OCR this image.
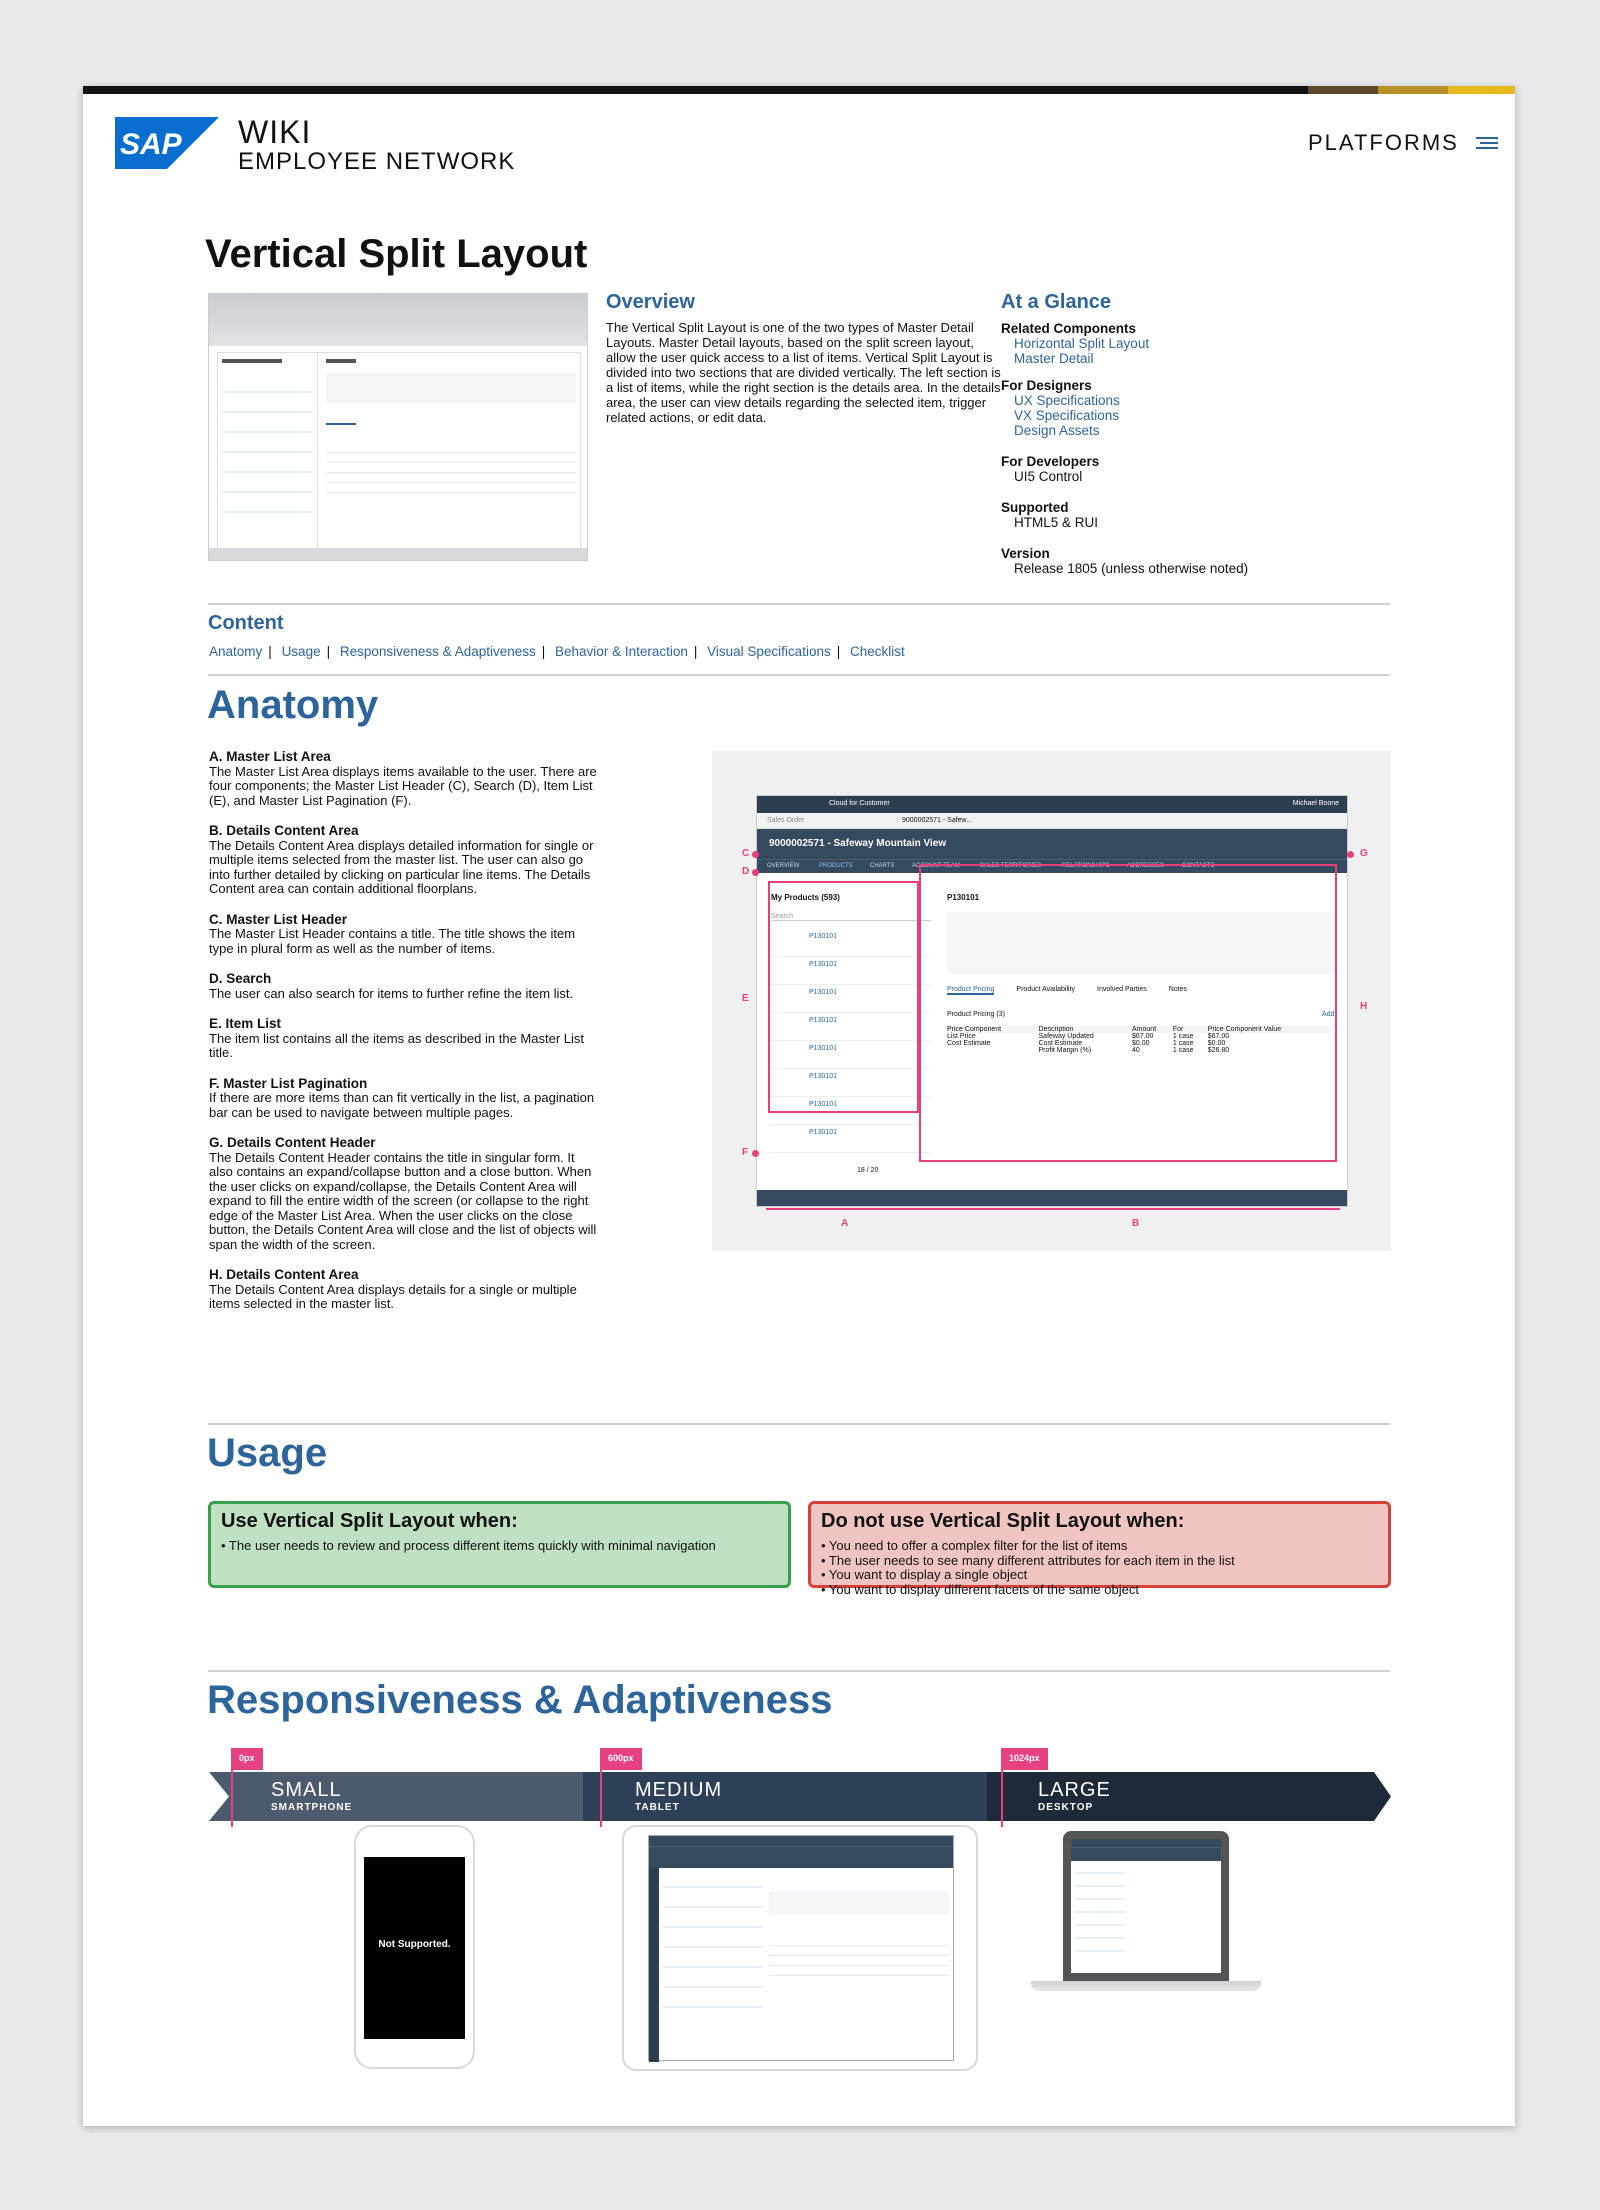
SAP WIKI
EMPLOYEE NETWORK
PLATFORMS
Vertical Split Layout
Overview

The Vertical Split Layout is one of the two types of Master Detail Layouts. Master Detail layouts, based on the split screen layout, allow the user quick access to a list of items. Vertical Split Layout is divided into two sections that are divided vertically. The left section is a list of items, while the right section is the details area. In the details area, the user can view details regarding the selected item, trigger related actions, or edit data.

At a Glance
Related Components
Horizontal Split Layout
Master Detail
For Designers
UX Specifications
VX Specifications
Design Assets
For Developers
UI5 Control
Supported
HTML5 & RUI
Version
Release 1805 (unless otherwise noted)
Content
Anatomy | Usage | Responsiveness & Adaptiveness | Behavior & Interaction | Visual Specifications | Checklist
Anatomy
A. Master List Area
The Master List Area displays items available to the user. There are four components; the Master List Header (C), Search (D), Item List (E), and Master List Pagination (F).
B. Details Content Area
The Details Content Area displays detailed information for single or multiple items selected from the master list. The user can also go into further detailed by clicking on particular line items. The Details Content area can contain additional floorplans.
C. Master List Header
The Master List Header contains a title. The title shows the item type in plural form as well as the number of items.
D. Search
The user can also search for items to further refine the item list.
E. Item List
The item list contains all the items as described in the Master List title.
F. Master List Pagination
If there are more items than can fit vertically in the list, a pagination bar can be used to navigate between multiple pages.
G. Details Content Header
The Details Content Header contains the title in singular form. It also contains an expand/collapse button and a close button. When the user clicks on expand/collapse, the Details Content Area will expand to fill the entire width of the screen (or collapse to the right edge of the Master List Area. When the user clicks on the close button, the Details Content Area will close and the list of objects will span the width of the screen.
H. Details Content Area
The Details Content Area displays details for a single or multiple items selected in the master list.
Cloud for Customer	Michael Boone
Sales Order	9000002571 - Safew...
9000002571 - Safeway Mountain View
OVERVIEW	PRODUCTS	CHARTS	ACCOUNT TEAM	SALES TERRITORIES	RELATIONSHIPS	ADDRESSES	CONTACTS
My Products (593)
Search
P130101
P130101
P130101
P130101
P130101
P130101
P130101
P130101
18 / 20
P130101
Product Pricing	Product Availability	Involved Parties	Notes
Product Pricing (3)	Add
Price Component	Description	Amount	For	Price Component Value
List Price	Safeway Updated	$67.00	1 case	$67.00
Cost Estimate	Cost Estimate	$0.00	1 case	$0.00
	Profit Margin (%)	40	1 case	$26.80
C
D
E
F
G
H
A	B
Usage
Use Vertical Split Layout when:
• The user needs to review and process different items quickly with minimal navigation
Do not use Vertical Split Layout when:
• You need to offer a complex filter for the list of items
• The user needs to see many different attributes for each item in the list
• You want to display a single object
• You want to display different facets of the same object
Responsiveness & Adaptiveness
0px	600px	1024px
SMALL
SMARTPHONE
MEDIUM
TABLET
LARGE
DESKTOP
Not Supported.
